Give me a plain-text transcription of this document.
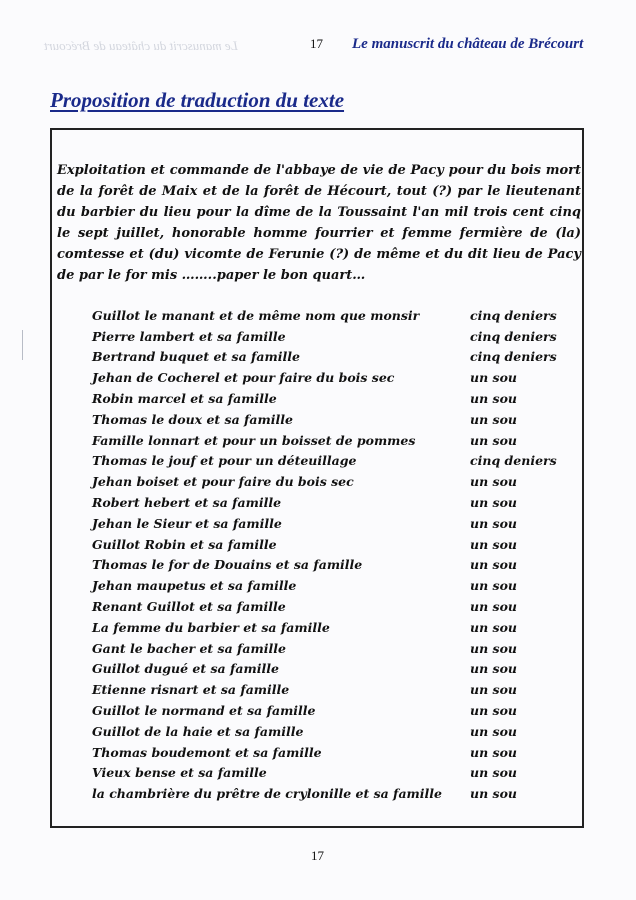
Le manuscrit du château de Brécourt	17 Le manuscrit du château de Brécourt
Proposition de traduction du texte
Exploitation et commande de l'abbaye de vie de Pacy pour du bois mort de la forêt de Maix et de la forêt de Hécourt, tout (?) par le lieutenant du barbier du lieu pour la dîme de la Toussaint l'an mil trois cent cinq le sept juillet, honorable homme fourrier et femme fermière de (la) comtesse et (du) vicomte de Ferunie (?) de même et du dit lieu de Pacy de par le for mis ……..paper le bon quart…
Guillot le manant et de même nom que monsir	cinq deniers
Pierre lambert et sa famille	cinq deniers
Bertrand buquet et sa famille	cinq deniers
Jehan de Cocherel et pour faire du bois sec	un sou
Robin marcel et sa famille	un sou
Thomas le doux et sa famille	un sou
Famille lonnart et pour un boisset de pommes	un sou
Thomas le jouf et pour un déteuillage	cinq deniers
Jehan boiset et pour faire du bois sec	un sou
Robert hebert et sa famille	un sou
Jehan le Sieur et sa famille	un sou
Guillot Robin et sa famille	un sou
Thomas le for de Douains et sa famille	un sou
Jehan maupetus et sa famille	un sou
Renant Guillot et sa famille	un sou
La femme du barbier et sa famille	un sou
Gant le bacher et sa famille	un sou
Guillot dugué et sa famille	un sou
Etienne risnart et sa famille	un sou
Guillot le normand et sa famille	un sou
Guillot de la haie et sa famille	un sou
Thomas boudemont et sa famille	un sou
Vieux bense et sa famille	un sou
la chambrière du prêtre de crylonille et sa famille	un sou
17
